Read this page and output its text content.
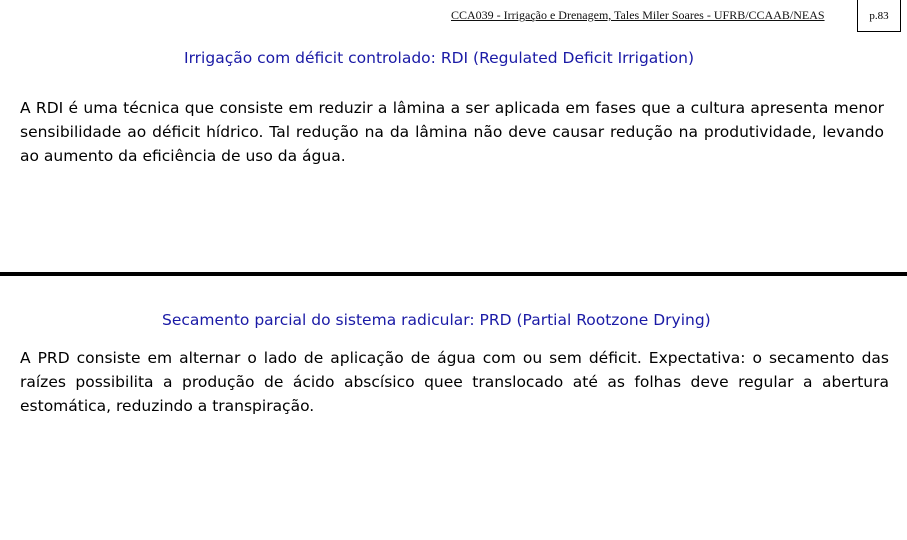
CCA039 - Irrigação e Drenagem, Tales Miler Soares - UFRB/CCAAB/NEAS	p.83
Irrigação com déficit controlado: RDI (Regulated Deficit Irrigation)
A RDI é uma técnica que consiste em reduzir a lâmina a ser aplicada em fases que a cultura apresenta menor sensibilidade ao déficit hídrico. Tal redução na da lâmina não deve causar redução na produtividade, levando ao aumento da eficiência de uso da água.
Secamento parcial do sistema radicular: PRD (Partial Rootzone Drying)
A PRD consiste em alternar o lado de aplicação de água com ou sem déficit. Expectativa: o secamento das raízes possibilita a produção de ácido abscísico quee translocado até as folhas deve regular a abertura estomática, reduzindo a transpiração.
